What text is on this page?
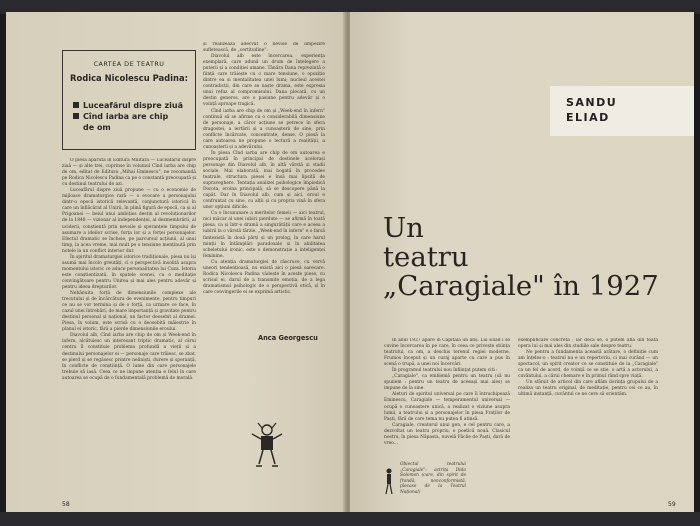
CARTEA DE TEATRU
Rodica Nicolescu Padina:
Luceafărul dispre ziuă
Cînd iarba are chip
de om

O piesă apărută în Editura Militară — Luceafărul dispre ziuă — și alte trei, cuprinse în volumul Cînd iarba are chip de om, editat de Editura „Mihai Eminescu", ne recomandă pe Rodica Nicolescu Padina ca pe o constantă preocupată și cu destinul teatrului de azi.

Luceafărul dispre ziuă propune — cu o economie de mijloace dramaturgice rară — o evocare a personajului dintr-o epocă istorică relevantă, conjunctură istorică în care un înflăcărat al Unirii, în plină figură de epocă, ca și al Prigoanei — beiul unui ambițios destin al revoluționarilor de la 1848 — vizionar al independenței, al dezmembrării, al uciderii, conștientă prin nevoile și speranțele timpului de asumare a ideilor scrise, forța lor și a forței personajelor. Efectul dramatic se încheie, pe parcursul acțiunii, al unui timp, la acea vreme, mai mult pe o tensiune menținută prin notele la un conflict interior dur.

În spiritul dramaturgiei istorice tradiționale, piesa nu își asumă mai încolo greutăți, ci o perspectivă insolită asupra momentului istoric ce aduce personalitatea lui Cuza. Istoria este conștientizată, în spatele scenei, cu o meditație convingătoare pentru Unirea și mai ales pentru adevăr și pentru ideea drepturilor.

Nebănuita forță de dimensiunile complexe ale trecutului și de încărcătura de evenimente, pentru timpuri ce nu se vor termina și de o forță, ca urmare ce face, în cazul unei întrebări, de mare importanță și gravitate pentru destinul personal și național, un factor deosebit al dramei. Piesa, în volum, este scrisă cu o deosebită măiestrie în planul ei istoric, fără a pierde dimensiunile eroului.

Diavolul alb, Cînd iarba are chip de om și Week-end în infern, alcătuiesc un interesant triptic dramatic, al cărui centru îl constituie problema profundă a vieții și a destinului personajelor ei — personaje care trăiesc, se zbat, se pierd și se regăsesc printre neliniști, durere și speranță, în conflicte de conștiință. O lume din care personajele trebuie să iasă. Ceea ce ne impune atenția e felul în care autoarea se ocupă de o fundamentală problemă de morală.

și realizează adecvat o nevoie de limpezire sufletească, de „certitudine".

Diavolul alb este încercarea, experiența exemplară, care adună un drum de înțelegere a puterii și a condiției umane. Tânăra Dana reprezintă o ființă care trăiește cu o mare tensiune, o opoziție dintre ea și mentalitatea unei lumi; nucleul acestei contradicții, din care se naște drama, este expresia unui refuz al compromisului. Dana plecată, cu un destin generos, are o pasiune pentru adevăr și o voință aproape tragică.

Cînd iarba are chip de om și „Week-end în infern" continuă să se afirme cu o considerabilă dimensiune de personaje, a căror acțiune se petrece în sfera dragostei, a iertării și a cunoașterii de sine, prin conflicte încărcate, concentrate, dense. O piesă la care autoarea ne propune o lectură a realității, a cunoașterii și a adevărului.

În piesa Cînd iarba are chip de om autoarea e preocupată în principal de destinele acelorași personaje din Diavolul alb, în altă vârstă și stadii sociale. Mai elaborată, mai bogată în procedee teatrale, structura piesei e însă mai lipsită de supraveghere. Tentația analizei psihologice împiedică Dorota, eroina principală, să se descopere până la capăt. Dar în Diavolul alb, cum și aici, eroul e confruntat cu sine, cu alții și cu propria vină în sfera unor opțiuni dificile.

Ca o încununare a meritelor femeii — aici teatrul, nici măcar al unei iubiri pierdute — se afirmă în toată piesa, ca și într-o dramă a singurătății care e aceea a iubirii la o vârstă târzie. „Week-end în infern" e o farsă fantezistă în două părți și un prolog, în care harul minții în întâmplări paradoxale și în abilitatea scheletului ironic, este o demonstrație a inteligenței feminine.

Cu atenția dramaturgiei de răscruce, cu vervă uneori tendențioasă, nu există aici o piesă oarecare. Rodica Nicolescu Padina vădește în aceste piese, cu scrisul ei, darul de a transmite emoția, de a lega dramatismul psihologic de o perspectivă etică, și în care convingerile ei se exprimă artistic.

Anca Georgescu
58
SANDU
ELIAD
Un
teatru
„Caragiale" în 1927

În anul 1927 apare în Capitală un afiș. Lui Eliad i se cuvine încercarea în pe care, în ceea ce privește știința teatrului, ca om, a deschis terenul regiei moderne. Frumos început și un curaj aparte cu care a pus în scenă o trupă, a unei noi încercări.

În programul teatrului nou înființat putem citi :

„Caragiale", ca emblemă pentru un teatru (să nu spunem : pentru un teatru de aceeași mai ales) se impune de la sine.

Aleturi de spiritul universal pe care îl întruchipează Eminescu, Caragiale — temperamentul universal — ocupă o cunoaștere unică, a realizat o viziune asupra lumii, a teatrului și a personajelor în piesa Fraților de Paști, fără de care tema nu putea fi atinsă.

Caragiale, creatorul unui gen, e cel pentru care, a dezvoltat un teatru propriu, o poetică nouă. Clasicul nostru, în piesa Năpasta, nuvelă Făclie de Paști, dară de vreo...

Obiectul teatrului „Caragiale": actrița Dida Solomon (care, din spirit de frondă, nonconformistă, plecase de la Teatrul Național)

exemplificare concretă ; iar decă se, o putem afla din toată opera lui și mai ales din studiile sale despre teatru.

Ne pentru a fundamenta această arătare, o definiție cum am înțeles-o : teatrul nu e un repertoriu, ci mai curând — un spectacol, un spirit creator ce se constituie de la „Caragiale" ca un fel de acord, de voință ce se știe, o artă a actorului, a cuvântului, a cărui chemare e în primul rând spre viață.

Un sfârșit de articol din care aflăm dorința grupului de a realiza un teatru original, de meditație, pentru cei ce au, în ultimă instanță, cuvântul ce ne cere să orientăm.

59
